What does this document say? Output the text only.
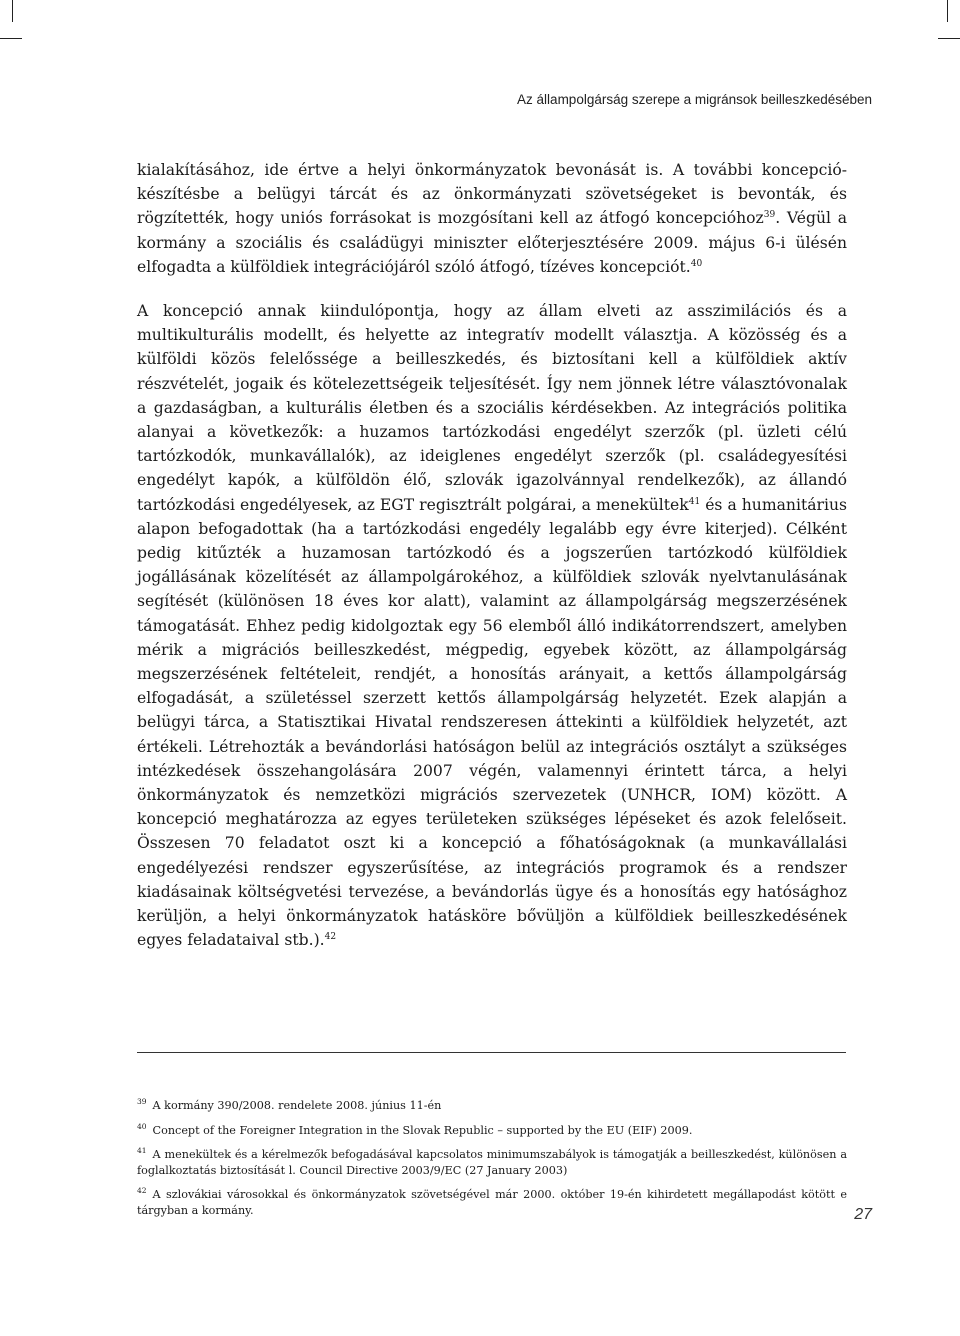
Az állampolgárság szerepe a migránsok beilleszkedésében

kialakításához, ide értve a helyi önkormányzatok bevonását is. A további koncepció-készítésbe a belügyi tárcát és az önkormányzati szövetségeket is bevonták, és rögzítették, hogy uniós forrásokat is mozgósítani kell az átfogó koncepcióhoz$^{39}$. Végül a kormány a szociális és családügyi miniszter előterjesztésére 2009. május 6-i ülésén elfogadta a külföldiek integrációjáról szóló átfogó, tízéves koncepciót.$^{40}$

A koncepció annak kiindulópontja, hogy az állam elveti az asszimilációs és a multikulturális modellt, és helyette az integratív modellt választja. A közösség és a külföldi közös felelőssége a beilleszkedés, és biztosítani kell a külföldiek aktív részvételét, jogaik és kötelezettségeik teljesítését. Így nem jönnek létre választóvonalak a gazdaságban, a kulturális életben és a szociális kérdésekben. Az integrációs politika alanyai a következők: a huzamos tartózkodási engedélyt szerzők (pl. üzleti célú tartózkodók, munkavállalók), az ideiglenes engedélyt szerzők (pl. családegyesítési engedélyt kapók, a külföldön élő, szlovák igazolvánnyal rendelkezők), az állandó tartózkodási engedélyesek, az EGT regisztrált polgárai, a menekültek$^{41}$ és a humanitárius alapon befogadottak (ha a tartózkodási engedély legalább egy évre kiterjed). Célként pedig kitűzték a huzamosan tartózkodó és a jogszerűen tartózkodó külföldiek jogállásának közelítését az állampolgárokéhoz, a külföldiek szlovák nyelvtanulásának segítését (különösen 18 éves kor alatt), valamint az állampolgárság megszerzésének támogatását. Ehhez pedig kidolgoztak egy 56 elemből álló indikátorrendszert, amelyben mérik a migrációs beilleszkedést, mégpedig, egyebek között, az állampolgárság megszerzésének feltételeit, rendjét, a honosítás arányait, a kettős állampolgárság elfogadását, a születéssel szerzett kettős állampolgárság helyzetét. Ezek alapján a belügyi tárca, a Statisztikai Hivatal rendszeresen áttekinti a külföldiek helyzetét, azt értékeli. Létrehozták a bevándorlási hatóságon belül az integrációs osztályt a szükséges intézkedések összehangolására 2007 végén, valamennyi érintett tárca, a helyi önkormányzatok és nemzetközi migrációs szervezetek (UNHCR, IOM) között. A koncepció meghatározza az egyes területeken szükséges lépéseket és azok felelőseit. Összesen 70 feladatot oszt ki a koncepció a főhatóságoknak (a munkavállalási engedélyezési rendszer egyszerűsítése, az integrációs programok és a rendszer kiadásainak költségvetési tervezése, a bevándorlás ügye és a honosítás egy hatósághoz kerüljön, a helyi önkormányzatok hatásköre bővüljön a külföldiek beilleszkedésének egyes feladataival stb.).$^{42}$

$^{39}$ A kormány 390/2008. rendelete 2008. június 11-én

$^{40}$ Concept of the Foreigner Integration in the Slovak Republic – supported by the EU (EIF) 2009.

$^{41}$ A menekültek és a kérelmezők befogadásával kapcsolatos minimumszabályok is támogatják a beilleszkedést, különösen a foglalkoztatás biztosítását l. Council Directive 2003/9/EC (27 January 2003)

$^{42}$ A szlovákiai városokkal és önkormányzatok szövetségével már 2000. október 19-én kihirdetett megállapodást kötött e tárgyban a kormány.	27
